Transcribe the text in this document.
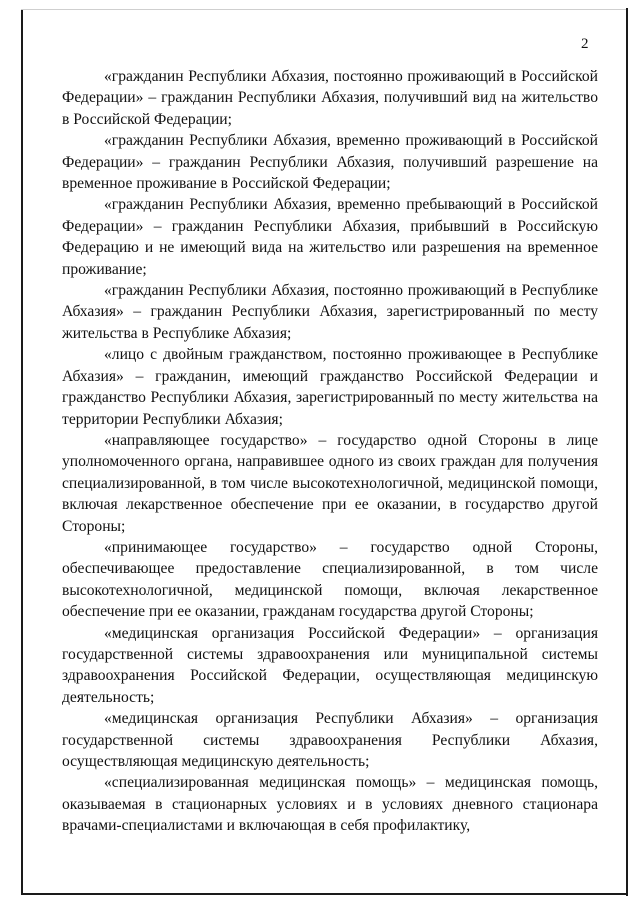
2

«гражданин Республики Абхазия, постоянно проживающий в Российской Федерации» – гражданин Республики Абхазия, получивший вид на жительство в Российской Федерации;

«гражданин Республики Абхазия, временно проживающий в Российской Федерации» – гражданин Республики Абхазия, получивший разрешение на временное проживание в Российской Федерации;

«гражданин Республики Абхазия, временно пребывающий в Российской Федерации» – гражданин Республики Абхазия, прибывший в Российскую Федерацию и не имеющий вида на жительство или разрешения на временное проживание;

«гражданин Республики Абхазия, постоянно проживающий в Республике Абхазия» – гражданин Республики Абхазия, зарегистрированный по месту жительства в Республике Абхазия;

«лицо с двойным гражданством, постоянно проживающее в Республике Абхазия» – гражданин, имеющий гражданство Российской Федерации и гражданство Республики Абхазия, зарегистрированный по месту жительства на территории Республики Абхазия;

«направляющее государство» – государство одной Стороны в лице уполномоченного органа, направившее одного из своих граждан для получения специализированной, в том числе высокотехнологичной, медицинской помощи, включая лекарственное обеспечение при ее оказании, в государство другой Стороны;

«принимающее государство» – государство одной Стороны, обеспечивающее предоставление специализированной, в том числе высокотехнологичной, медицинской помощи, включая лекарственное обеспечение при ее оказании, гражданам государства другой Стороны;

«медицинская организация Российской Федерации» – организация государственной системы здравоохранения или муниципальной системы здравоохранения Российской Федерации, осуществляющая медицинскую деятельность;

«медицинская организация Республики Абхазия» – организация государственной системы здравоохранения Республики Абхазия, осуществляющая медицинскую деятельность;

«специализированная медицинская помощь» – медицинская помощь, оказываемая в стационарных условиях и в условиях дневного стационара врачами-специалистами и включающая в себя профилактику,
